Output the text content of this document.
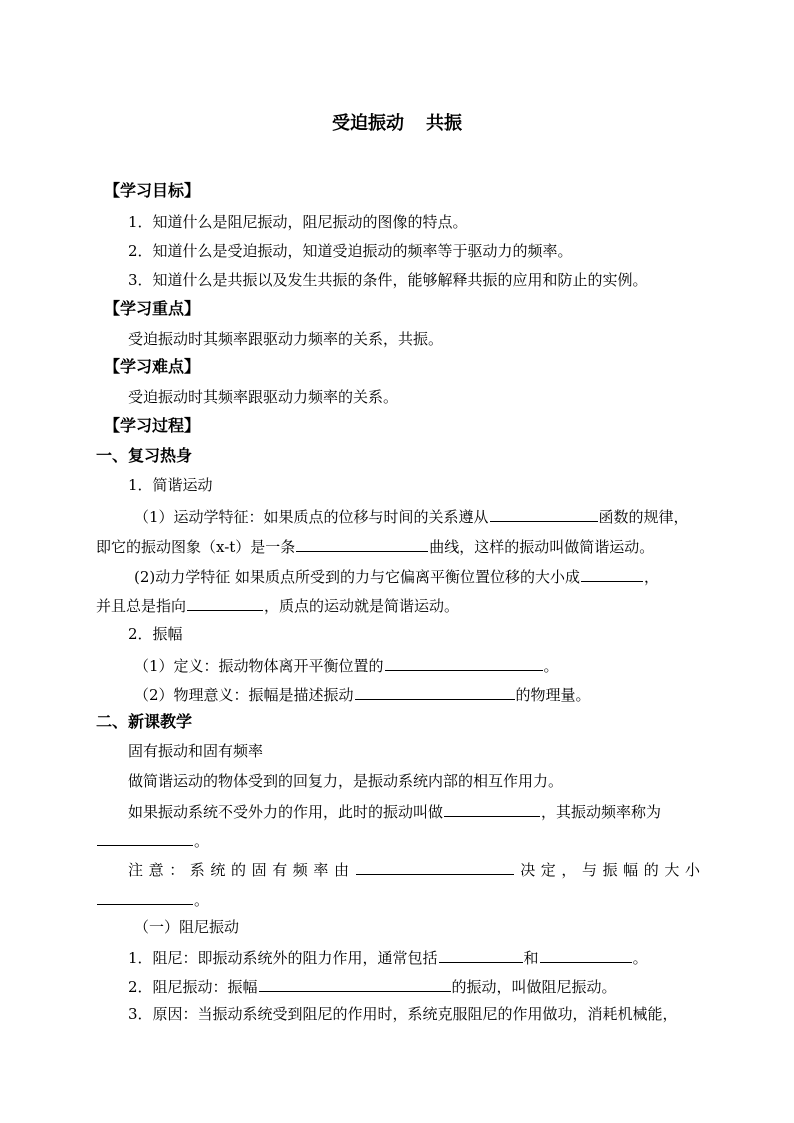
受迫振动 共振
【学习目标】
1．知道什么是阻尼振动，阻尼振动的图像的特点。
2．知道什么是受迫振动，知道受迫振动的频率等于驱动力的频率。
3．知道什么是共振以及发生共振的条件，能够解释共振的应用和防止的实例。
【学习重点】
受迫振动时其频率跟驱动力频率的关系，共振。
【学习难点】
受迫振动时其频率跟驱动力频率的关系。
【学习过程】
一、复习热身
1．简谐运动
（1）运动学特征：如果质点的位移与时间的关系遵从	函数的规律，
即它的振动图象（x-t）是一条	曲线，这样的振动叫做简谐运动。
(2)动力学特征 如果质点所受到的力与它偏离平衡位置位移的大小成	，
并且总是指向	，质点的运动就是简谐运动。
2．振幅
（1）定义：振动物体离开平衡位置的	。
（2）物理意义：振幅是描述振动	的物理量。
二、新课教学
固有振动和固有频率
做简谐运动的物体受到的回复力，是振动系统内部的相互作用力。
如果振动系统不受外力的作用，此时的振动叫做	，其振动频率称为
。
注意：系统的固有频率由	决定，与振幅的大小
。
（一）阻尼振动
1．阻尼：即振动系统外的阻力作用，通常包括	和	。
2．阻尼振动：振幅	的振动，叫做阻尼振动。
3．原因：当振动系统受到阻尼的作用时，系统克服阻尼的作用做功，消耗机械能，
